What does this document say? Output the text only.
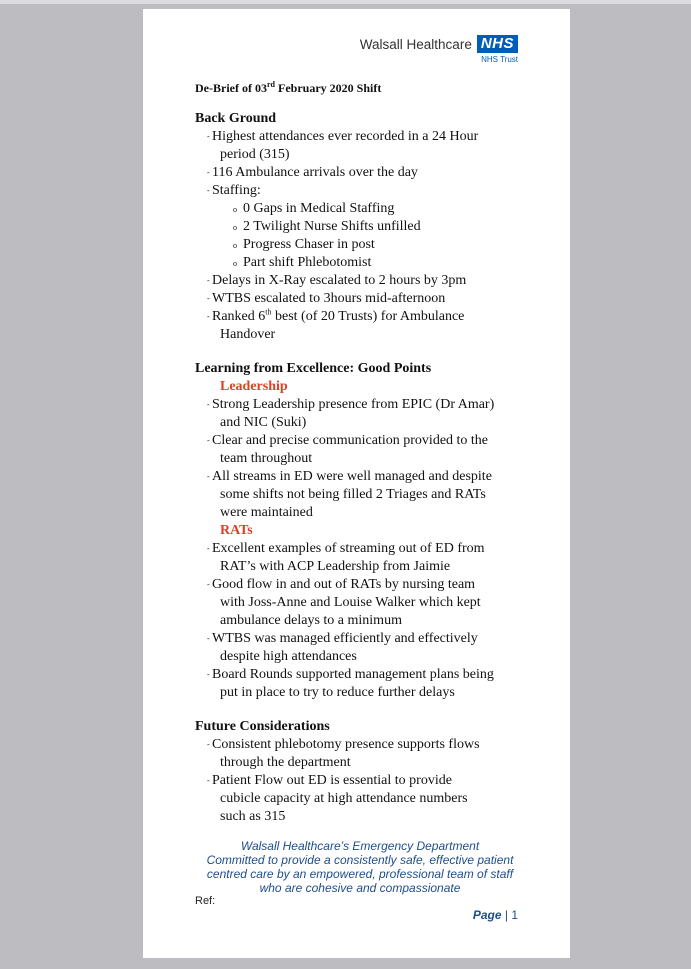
Walsall Healthcare NHS
NHS Trust
De-Brief of 03rd February 2020 Shift
Back Ground
- Highest attendances ever recorded in a 24 Hour
period (315)
- 116 Ambulance arrivals over the day
- Staffing:
o 0 Gaps in Medical Staffing
o 2 Twilight Nurse Shifts unfilled
o Progress Chaser in post
o Part shift Phlebotomist
- Delays in X-Ray escalated to 2 hours by 3pm
- WTBS escalated to 3hours mid-afternoon
- Ranked 6th best (of 20 Trusts) for Ambulance
Handover
Learning from Excellence: Good Points
Leadership
- Strong Leadership presence from EPIC (Dr Amar)
and NIC (Suki)
- Clear and precise communication provided to the
team throughout
- All streams in ED were well managed and despite
some shifts not being filled 2 Triages and RATs
were maintained
RATs
- Excellent examples of streaming out of ED from
RAT’s with ACP Leadership from Jaimie
- Good flow in and out of RATs by nursing team
with Joss-Anne and Louise Walker which kept
ambulance delays to a minimum
- WTBS was managed efficiently and effectively
despite high attendances
- Board Rounds supported management plans being
put in place to try to reduce further delays
Future Considerations
- Consistent phlebotomy presence supports flows
through the department
- Patient Flow out ED is essential to provide
cubicle capacity at high attendance numbers
such as 315
Walsall Healthcare’s Emergency Department
Committed to provide a consistently safe, effective patient
centred care by an empowered, professional team of staff
who are cohesive and compassionate
Ref:
Page | 1
